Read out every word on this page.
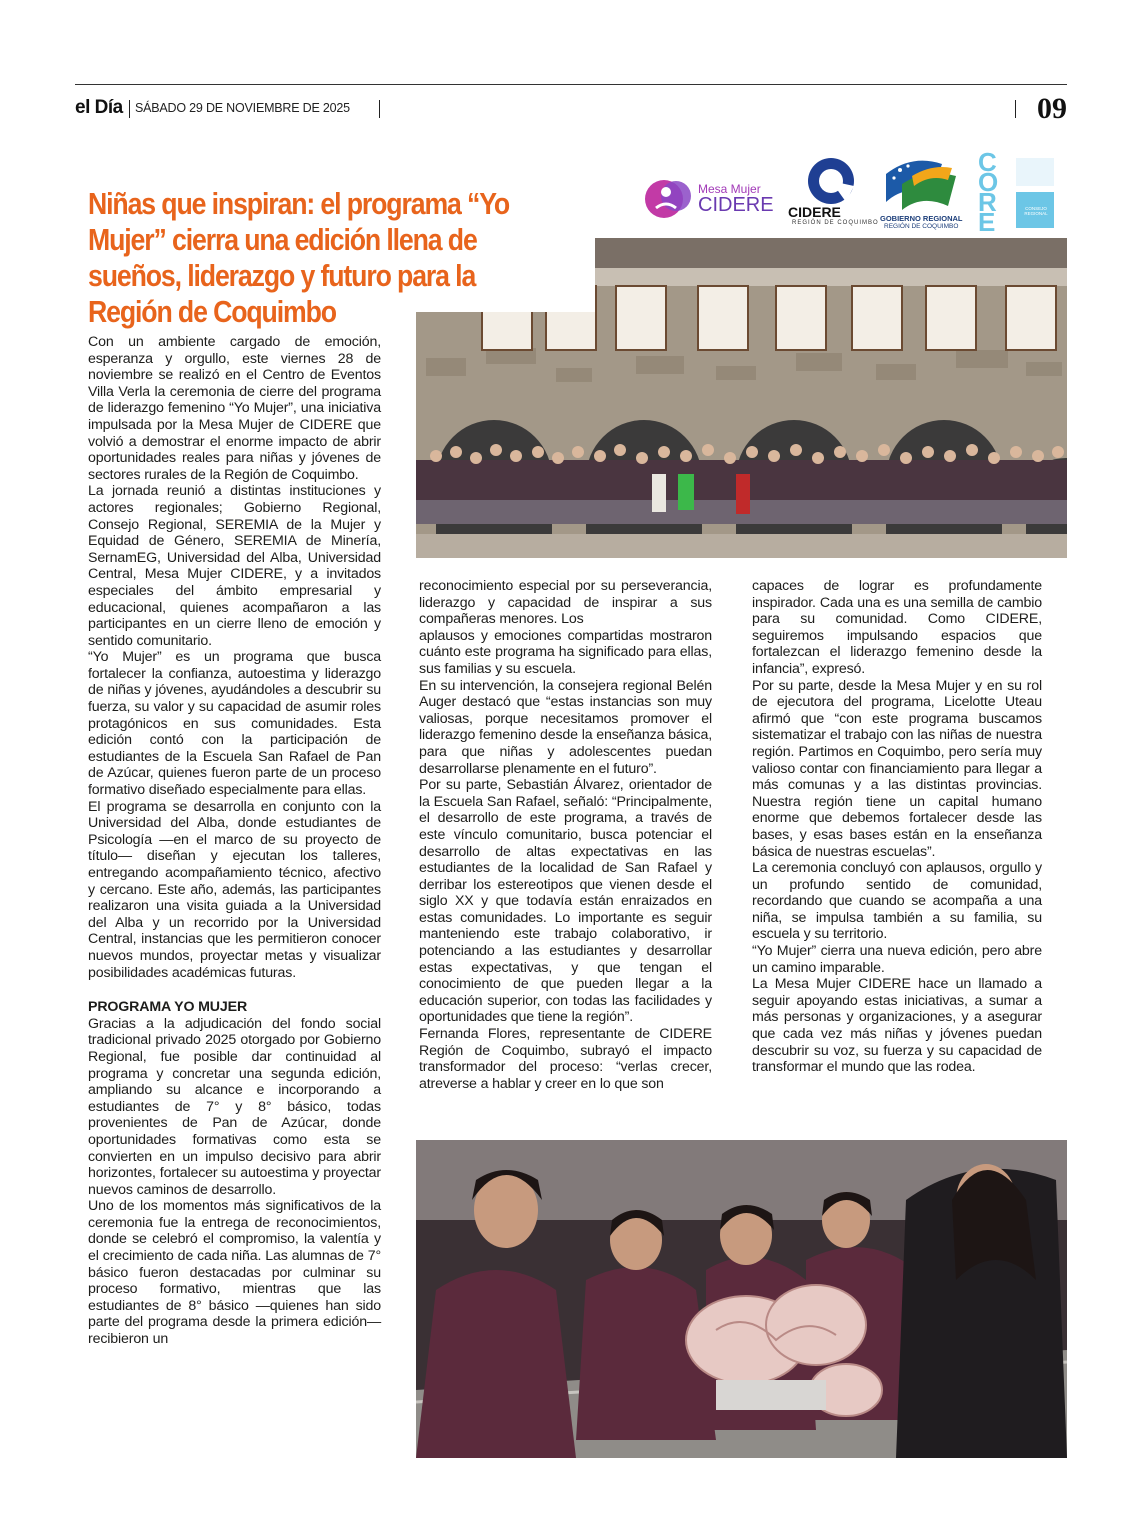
el Día SÁBADO 29 DE NOVIEMBRE DE 2025	09
Mesa Mujer
CIDERE CIDERE
REGIÓN DE COQUIMBO GOBIERNO REGIONAL
REGIÓN DE COQUIMBO
CORE	CONSEJO REGIONAL
Niñas que inspiran: el programa “Yo Mujer” cierra una edición llena de sueños, liderazgo y futuro para la Región de Coquimbo

Con un ambiente cargado de emoción, esperanza y orgullo, este viernes 28 de noviembre se realizó en el Centro de Eventos Villa Verla la ceremonia de cierre del programa de liderazgo femenino “Yo Mujer”, una iniciativa impulsada por la Mesa Mujer de CIDERE que volvió a demostrar el enorme impacto de abrir oportunidades reales para niñas y jóvenes de sectores rurales de la Región de Coquimbo.

La jornada reunió a distintas instituciones y actores regionales; Gobierno Regional, Consejo Regional, SEREMIA de la Mujer y Equidad de Género, SEREMIA de Minería, SernamEG, Universidad del Alba, Universidad Central, Mesa Mujer CIDERE, y a invitados especiales del ámbito empresarial y educacional, quienes acompañaron a las participantes en un cierre lleno de emoción y sentido comunitario.

“Yo Mujer” es un programa que busca fortalecer la confianza, autoestima y liderazgo de niñas y jóvenes, ayudándoles a descubrir su fuerza, su valor y su capacidad de asumir roles protagónicos en sus comunidades. Esta edición contó con la participación de estudiantes de la Escuela San Rafael de Pan de Azúcar, quienes fueron parte de un proceso formativo diseñado especialmente para ellas.

El programa se desarrolla en conjunto con la Universidad del Alba, donde estudiantes de Psicología —en el marco de su proyecto de título— diseñan y ejecutan los talleres, entregando acompañamiento técnico, afectivo y cercano. Este año, además, las participantes realizaron una visita guiada a la Universidad del Alba y un recorrido por la Universidad Central, instancias que les permitieron conocer nuevos mundos, proyectar metas y visualizar posibilidades académicas futuras.

PROGRAMA YO MUJER

Gracias a la adjudicación del fondo social tradicional privado 2025 otorgado por Gobierno Regional, fue posible dar continuidad al programa y concretar una segunda edición, ampliando su alcance e incorporando a estudiantes de 7° y 8° básico, todas provenientes de Pan de Azúcar, donde oportunidades formativas como esta se convierten en un impulso decisivo para abrir horizontes, fortalecer su autoestima y proyectar nuevos caminos de desarrollo.

Uno de los momentos más significativos de la ceremonia fue la entrega de reconocimientos, donde se celebró el compromiso, la valentía y el crecimiento de cada niña. Las alumnas de 7° básico fueron destacadas por culminar su proceso formativo, mientras que las estudiantes de 8° básico —quienes han sido parte del programa desde la primera edición— recibieron un

reconocimiento especial por su perseverancia, liderazgo y capacidad de inspirar a sus compañeras menores. Los

aplausos y emociones compartidas mostraron cuánto este programa ha significado para ellas, sus familias y su escuela.

En su intervención, la consejera regional Belén Auger destacó que “estas instancias son muy valiosas, porque necesitamos promover el liderazgo femenino desde la enseñanza básica, para que niñas y adolescentes puedan desarrollarse plenamente en el futuro”.

Por su parte, Sebastián Álvarez, orientador de la Escuela San Rafael, señaló: “Principalmente, el desarrollo de este programa, a través de este vínculo comunitario, busca potenciar el desarrollo de altas expectativas en las estudiantes de la localidad de San Rafael y derribar los estereotipos que vienen desde el siglo XX y que todavía están enraizados en estas comunidades. Lo importante es seguir manteniendo este trabajo colaborativo, ir potenciando a las estudiantes y desarrollar estas expectativas, y que tengan el conocimiento de que pueden llegar a la educación superior, con todas las facilidades y oportunidades que tiene la región”.

Fernanda Flores, representante de CIDERE Región de Coquimbo, subrayó el impacto transformador del proceso: “verlas crecer, atreverse a hablar y creer en lo que son

capaces de lograr es profundamente inspirador. Cada una es una semilla de cambio para su comunidad. Como CIDERE, seguiremos impulsando espacios que fortalezcan el liderazgo femenino desde la infancia”, expresó.

Por su parte, desde la Mesa Mujer y en su rol de ejecutora del programa, Licelotte Uteau afirmó que “con este programa buscamos sistematizar el trabajo con las niñas de nuestra región. Partimos en Coquimbo, pero sería muy valioso contar con financiamiento para llegar a más comunas y a las distintas provincias. Nuestra región tiene un capital humano enorme que debemos fortalecer desde las bases, y esas bases están en la enseñanza básica de nuestras escuelas”.

La ceremonia concluyó con aplausos, orgullo y un profundo sentido de comunidad, recordando que cuando se acompaña a una niña, se impulsa también a su familia, su escuela y su territorio.

“Yo Mujer” cierra una nueva edición, pero abre un camino imparable.

La Mesa Mujer CIDERE hace un llamado a seguir apoyando estas iniciativas, a sumar a más personas y organizaciones, y a asegurar que cada vez más niñas y jóvenes puedan descubrir su voz, su fuerza y su capacidad de transformar el mundo que las rodea.
